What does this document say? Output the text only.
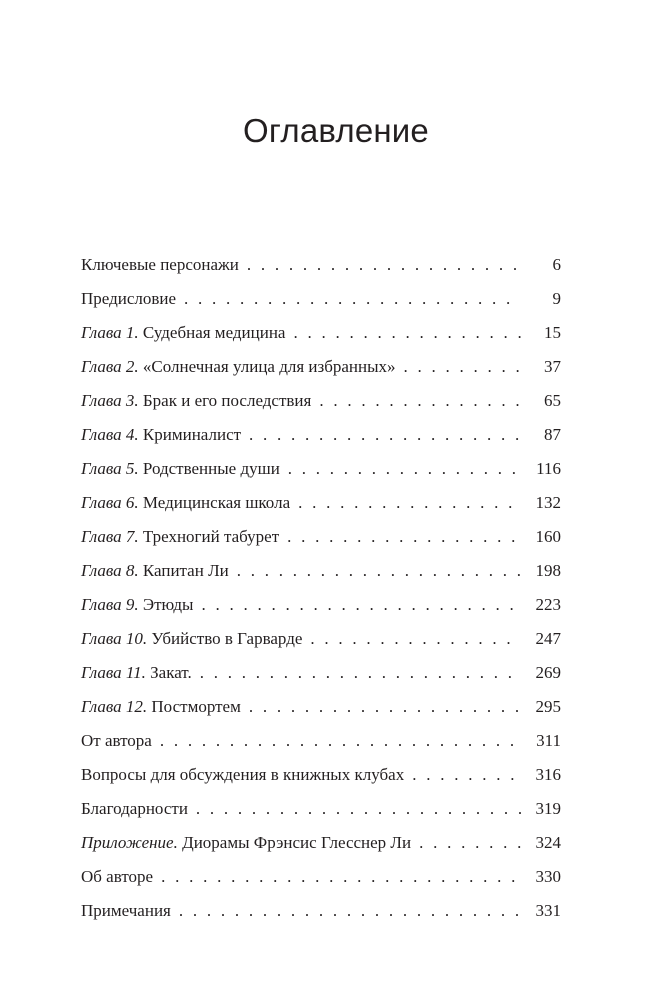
Оглавление
Ключевые персонажи . . .	6
Предисловие . . .	9
Глава 1. Судебная медицина . . .	15
Глава 2. «Солнечная улица для избранных» . . .	37
Глава 3. Брак и его последствия . . .	65
Глава 4. Криминалист . . .	87
Глава 5. Родственные души . . .	116
Глава 6. Медицинская школа . . .	132
Глава 7. Трехногий табурет . . .	160
Глава 8. Капитан Ли . . .	198
Глава 9. Этюды . . .	223
Глава 10. Убийство в Гарварде . . .	247
Глава 11. Закат. . . .	269
Глава 12. Постмортем . . .	295
От автора . . .	311
Вопросы для обсуждения в книжных клубах . . .	316
Благодарности . . .	319
Приложение. Диорамы Фрэнсис Глесснер Ли . . .	324
Об авторе . . .	330
Примечания . . .	331
